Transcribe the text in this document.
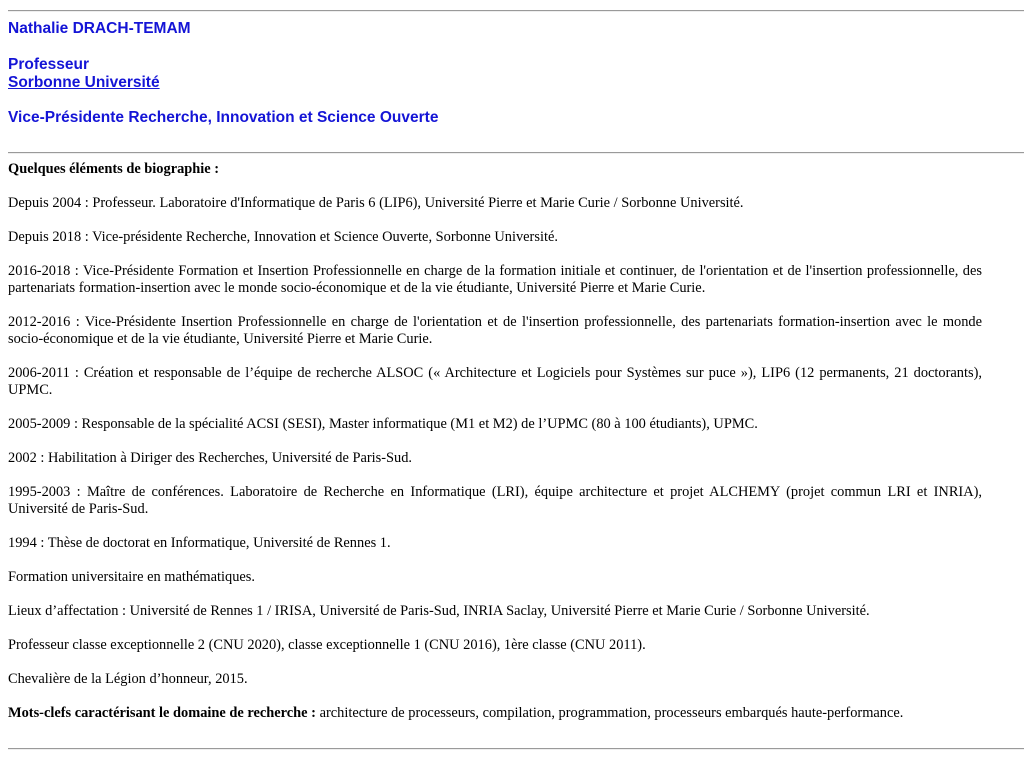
Nathalie DRACH-TEMAM
Professeur
Sorbonne Université
Vice-Présidente Recherche, Innovation et Science Ouverte

Quelques éléments de biographie :

Depuis 2004 : Professeur. Laboratoire d'Informatique de Paris 6 (LIP6), Université Pierre et Marie Curie / Sorbonne Université.

Depuis 2018 : Vice-présidente Recherche, Innovation et Science Ouverte, Sorbonne Université.

2016-2018 : Vice-Présidente Formation et Insertion Professionnelle en charge de la formation initiale et continuer, de l'orientation et de l'insertion professionnelle, des partenariats formation-insertion avec le monde socio-économique et de la vie étudiante, Université Pierre et Marie Curie.

2012-2016 : Vice-Présidente Insertion Professionnelle en charge de l'orientation et de l'insertion professionnelle, des partenariats formation-insertion avec le monde socio-économique et de la vie étudiante, Université Pierre et Marie Curie.

2006-2011 : Création et responsable de l’équipe de recherche ALSOC (« Architecture et Logiciels pour Systèmes sur puce »), LIP6 (12 permanents, 21 doctorants), UPMC.

2005-2009 : Responsable de la spécialité ACSI (SESI), Master informatique (M1 et M2) de l’UPMC (80 à 100 étudiants), UPMC.

2002 : Habilitation à Diriger des Recherches, Université de Paris-Sud.

1995-2003 : Maître de conférences. Laboratoire de Recherche en Informatique (LRI), équipe architecture et projet ALCHEMY (projet commun LRI et INRIA), Université de Paris-Sud.

1994 : Thèse de doctorat en Informatique, Université de Rennes 1.

Formation universitaire en mathématiques.

Lieux d’affectation : Université de Rennes 1 / IRISA, Université de Paris-Sud, INRIA Saclay, Université Pierre et Marie Curie / Sorbonne Université.

Professeur classe exceptionnelle 2 (CNU 2020), classe exceptionnelle 1 (CNU 2016), 1ère classe (CNU 2011).

Chevalière de la Légion d’honneur, 2015.

Mots-clefs caractérisant le domaine de recherche : architecture de processeurs, compilation, programmation, processeurs embarqués haute-performance.
